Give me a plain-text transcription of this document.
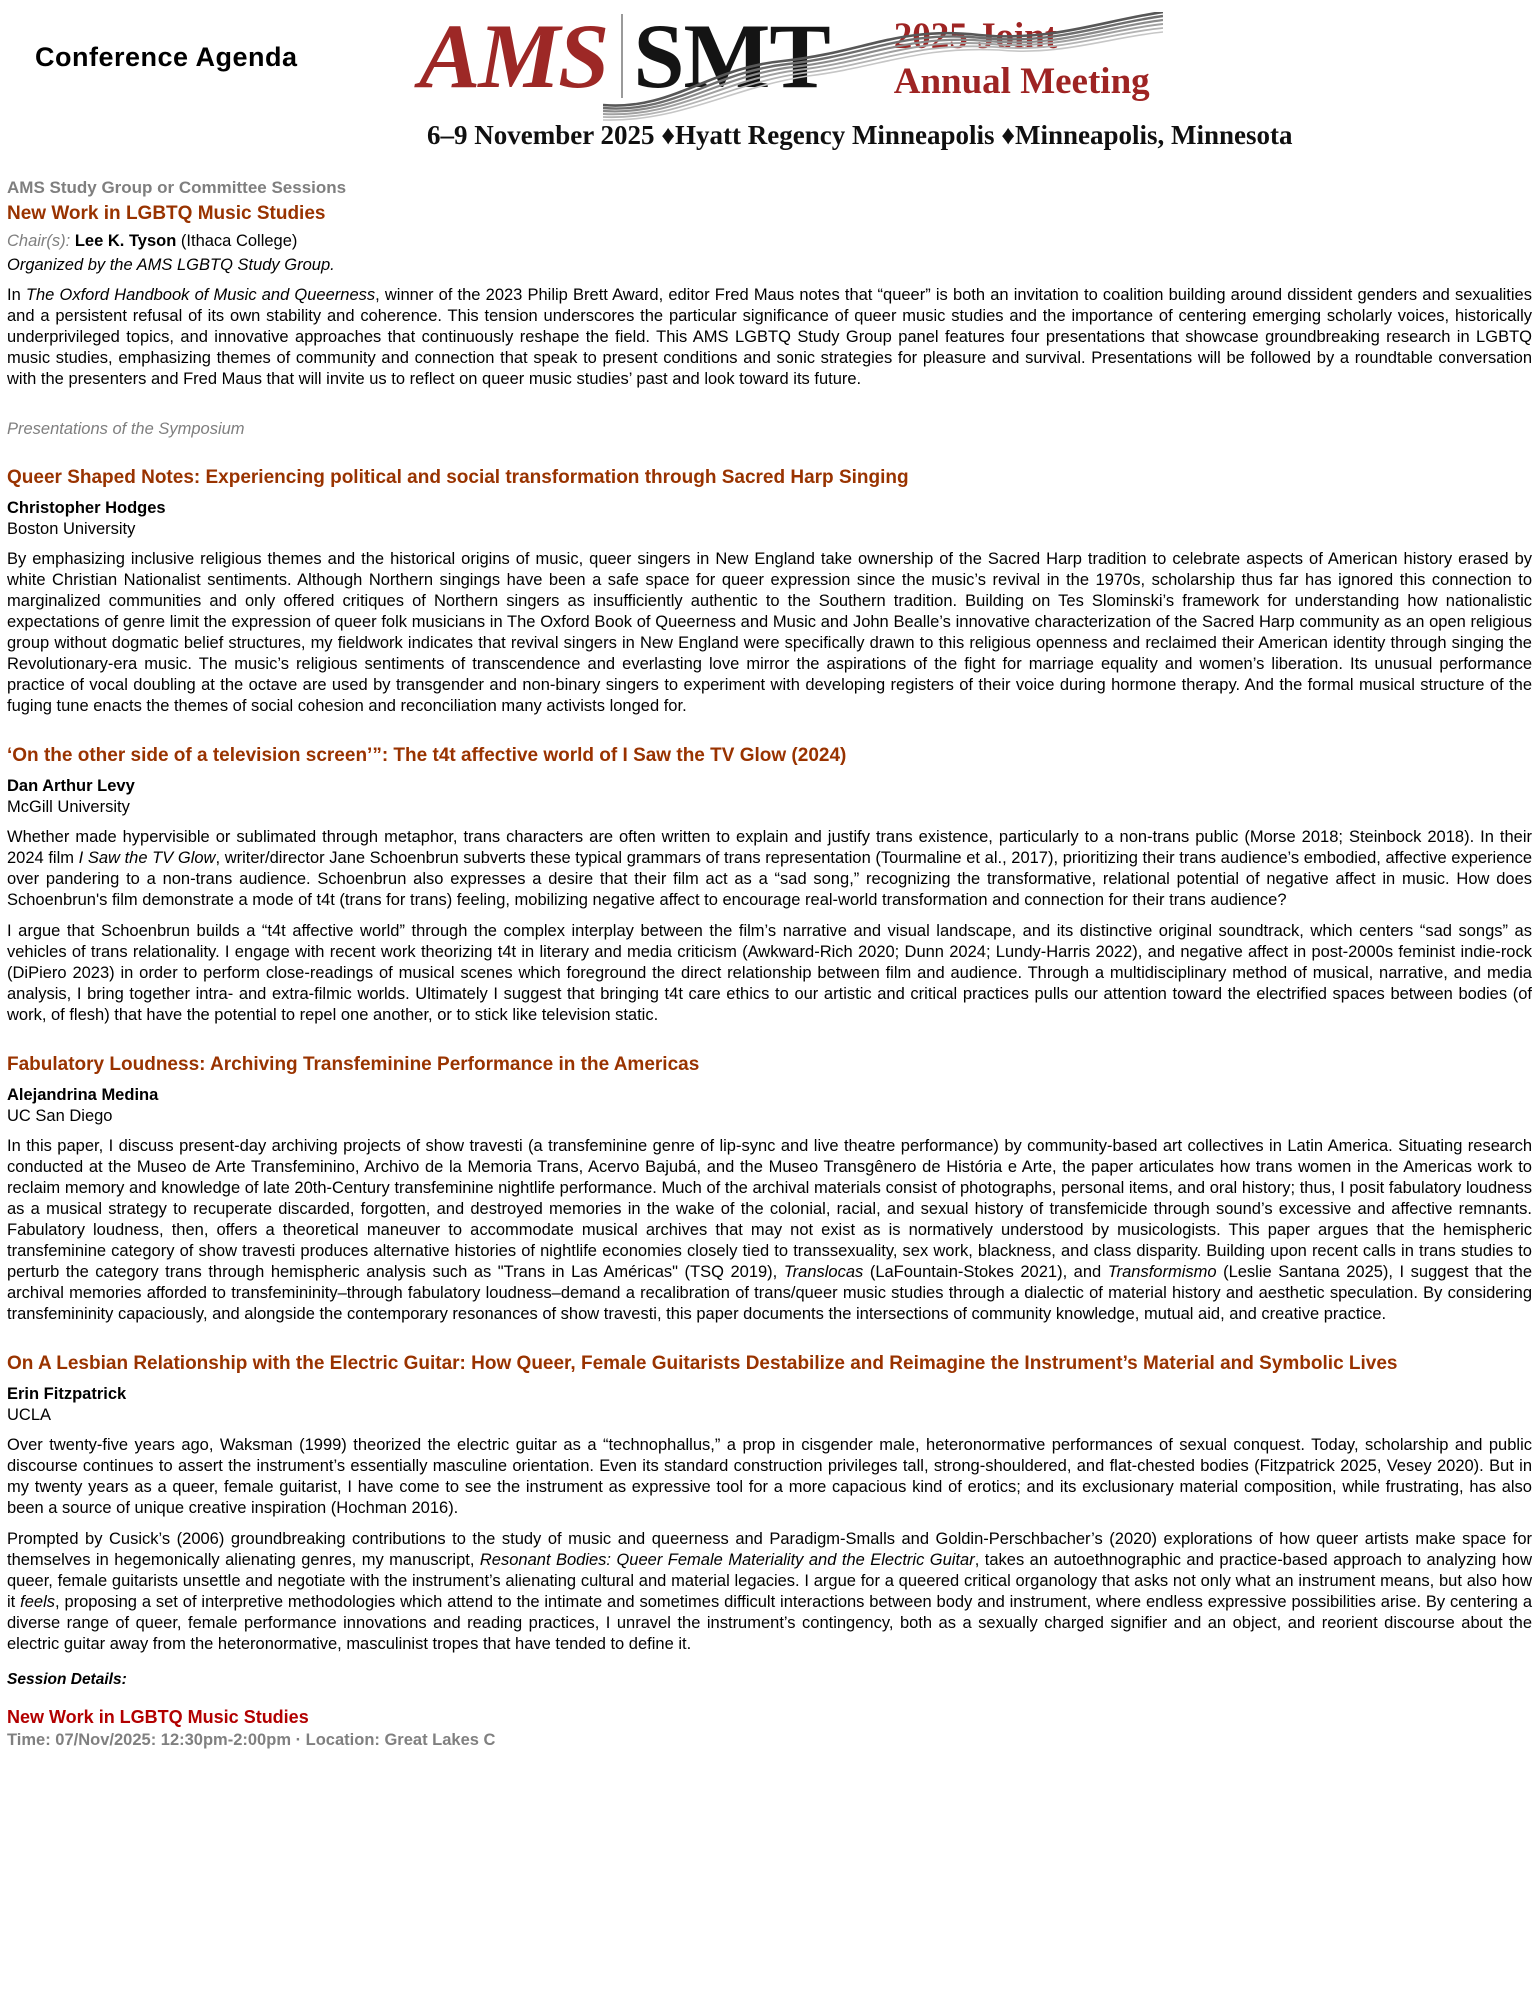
Conference Agenda AMS SMT 2025 Joint
Annual Meeting
6–9 November 2025 ♦Hyatt Regency Minneapolis ♦Minneapolis, Minnesota
AMS Study Group or Committee Sessions
New Work in LGBTQ Music Studies
Chair(s): Lee K. Tyson (Ithaca College)
Organized by the AMS LGBTQ Study Group.

In The Oxford Handbook of Music and Queerness, winner of the 2023 Philip Brett Award, editor Fred Maus notes that “queer” is both an invitation to coalition building around dissident genders and sexualities and a persistent refusal of its own stability and coherence. This tension underscores the particular significance of queer music studies and the importance of centering emerging scholarly voices, historically underprivileged topics, and innovative approaches that continuously reshape the field. This AMS LGBTQ Study Group panel features four presentations that showcase groundbreaking research in LGBTQ music studies, emphasizing themes of community and connection that speak to present conditions and sonic strategies for pleasure and survival. Presentations will be followed by a roundtable conversation with the presenters and Fred Maus that will invite us to reflect on queer music studies’ past and look toward its future.

Presentations of the Symposium
Queer Shaped Notes: Experiencing political and social transformation through Sacred Harp Singing
Christopher Hodges
Boston University

By emphasizing inclusive religious themes and the historical origins of music, queer singers in New England take ownership of the Sacred Harp tradition to celebrate aspects of American history erased by white Christian Nationalist sentiments. Although Northern singings have been a safe space for queer expression since the music’s revival in the 1970s, scholarship thus far has ignored this connection to marginalized communities and only offered critiques of Northern singers as insufficiently authentic to the Southern tradition. Building on Tes Slominski’s framework for understanding how nationalistic expectations of genre limit the expression of queer folk musicians in The Oxford Book of Queerness and Music and John Bealle’s innovative characterization of the Sacred Harp community as an open religious group without dogmatic belief structures, my fieldwork indicates that revival singers in New England were specifically drawn to this religious openness and reclaimed their American identity through singing the Revolutionary-era music. The music’s religious sentiments of transcendence and everlasting love mirror the aspirations of the fight for marriage equality and women’s liberation. Its unusual performance practice of vocal doubling at the octave are used by transgender and non-binary singers to experiment with developing registers of their voice during hormone therapy. And the formal musical structure of the fuging tune enacts the themes of social cohesion and reconciliation many activists longed for.

‘On the other side of a television screen’”: The t4t affective world of I Saw the TV Glow (2024)
Dan Arthur Levy
McGill University

Whether made hypervisible or sublimated through metaphor, trans characters are often written to explain and justify trans existence, particularly to a non-trans public (Morse 2018; Steinbock 2018). In their 2024 film I Saw the TV Glow, writer/director Jane Schoenbrun subverts these typical grammars of trans representation (Tourmaline et al., 2017), prioritizing their trans audience’s embodied, affective experience over pandering to a non-trans audience. Schoenbrun also expresses a desire that their film act as a “sad song,” recognizing the transformative, relational potential of negative affect in music. How does Schoenbrun's film demonstrate a mode of t4t (trans for trans) feeling, mobilizing negative affect to encourage real-world transformation and connection for their trans audience?

I argue that Schoenbrun builds a “t4t affective world” through the complex interplay between the film’s narrative and visual landscape, and its distinctive original soundtrack, which centers “sad songs” as vehicles of trans relationality. I engage with recent work theorizing t4t in literary and media criticism (Awkward-Rich 2020; Dunn 2024; Lundy-Harris 2022), and negative affect in post-2000s feminist indie-rock (DiPiero 2023) in order to perform close-readings of musical scenes which foreground the direct relationship between film and audience. Through a multidisciplinary method of musical, narrative, and media analysis, I bring together intra- and extra-filmic worlds. Ultimately I suggest that bringing t4t care ethics to our artistic and critical practices pulls our attention toward the electrified spaces between bodies (of work, of flesh) that have the potential to repel one another, or to stick like television static.

Fabulatory Loudness: Archiving Transfeminine Performance in the Americas
Alejandrina Medina
UC San Diego

In this paper, I discuss present-day archiving projects of show travesti (a transfeminine genre of lip-sync and live theatre performance) by community-based art collectives in Latin America. Situating research conducted at the Museo de Arte Transfeminino, Archivo de la Memoria Trans, Acervo Bajubá, and the Museo Transgênero de História e Arte, the paper articulates how trans women in the Americas work to reclaim memory and knowledge of late 20th-Century transfeminine nightlife performance. Much of the archival materials consist of photographs, personal items, and oral history; thus, I posit fabulatory loudness as a musical strategy to recuperate discarded, forgotten, and destroyed memories in the wake of the colonial, racial, and sexual history of transfemicide through sound’s excessive and affective remnants. Fabulatory loudness, then, offers a theoretical maneuver to accommodate musical archives that may not exist as is normatively understood by musicologists. This paper argues that the hemispheric transfeminine category of show travesti produces alternative histories of nightlife economies closely tied to transsexuality, sex work, blackness, and class disparity. Building upon recent calls in trans studies to perturb the category trans through hemispheric analysis such as "Trans in Las Américas" (TSQ 2019), Translocas (LaFountain-Stokes 2021), and Transformismo (Leslie Santana 2025), I suggest that the archival memories afforded to transfemininity–through fabulatory loudness–demand a recalibration of trans/queer music studies through a dialectic of material history and aesthetic speculation. By considering transfemininity capaciously, and alongside the contemporary resonances of show travesti, this paper documents the intersections of community knowledge, mutual aid, and creative practice.

On A Lesbian Relationship with the Electric Guitar: How Queer, Female Guitarists Destabilize and Reimagine the Instrument’s Material and Symbolic Lives
Erin Fitzpatrick
UCLA

Over twenty-five years ago, Waksman (1999) theorized the electric guitar as a “technophallus,” a prop in cisgender male, heteronormative performances of sexual conquest. Today, scholarship and public discourse continues to assert the instrument’s essentially masculine orientation. Even its standard construction privileges tall, strong-shouldered, and flat-chested bodies (Fitzpatrick 2025, Vesey 2020). But in my twenty years as a queer, female guitarist, I have come to see the instrument as expressive tool for a more capacious kind of erotics; and its exclusionary material composition, while frustrating, has also been a source of unique creative inspiration (Hochman 2016).

Prompted by Cusick’s (2006) groundbreaking contributions to the study of music and queerness and Paradigm-Smalls and Goldin-Perschbacher’s (2020) explorations of how queer artists make space for themselves in hegemonically alienating genres, my manuscript, Resonant Bodies: Queer Female Materiality and the Electric Guitar, takes an autoethnographic and practice-based approach to analyzing how queer, female guitarists unsettle and negotiate with the instrument’s alienating cultural and material legacies. I argue for a queered critical organology that asks not only what an instrument means, but also how it feels, proposing a set of interpretive methodologies which attend to the intimate and sometimes difficult interactions between body and instrument, where endless expressive possibilities arise. By centering a diverse range of queer, female performance innovations and reading practices, I unravel the instrument’s contingency, both as a sexually charged signifier and an object, and reorient discourse about the electric guitar away from the heteronormative, masculinist tropes that have tended to define it.

Session Details:
New Work in LGBTQ Music Studies
Time: 07/Nov/2025: 12:30pm-2:00pm · Location: Great Lakes C
